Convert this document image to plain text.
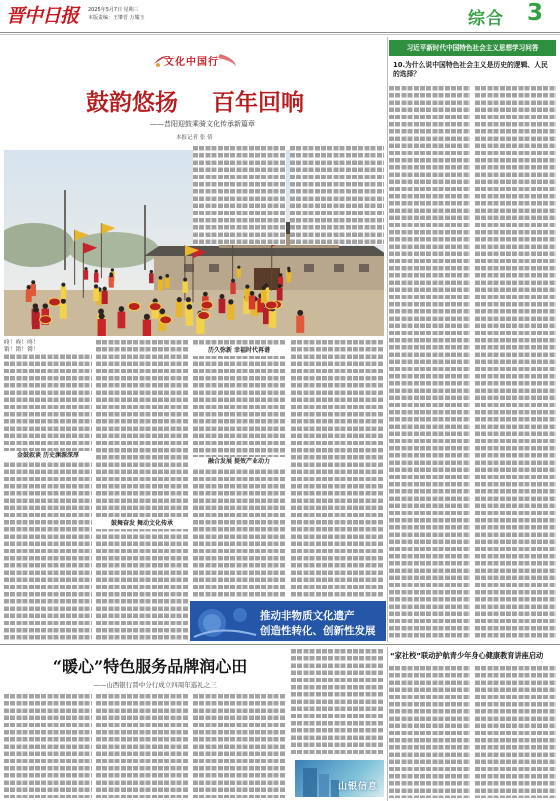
晋中日报 2025年5月7日 星期三
本版责编：王肇晋 万耀玉	综合 3
文化中国行
鼓韵悠扬 百年回响
——昔阳迎鼓乘骑文化传承新篇章
本报记者 张 倩
咚！咚！咚！
锵！锵！锵！
金鼓叙谈 历史渊源深厚
鼓舞奋发 舞动文化传承
历久弥新 幸福时代再谱
融合发展 提效产业动力
推动非物质文化遗产
创造性转化、创新性发展
习近平新时代中国特色社会主义思想学习问答
10.为什么说中国特色社会主义是历史的逻辑、人民的选择？
“暖心”特色服务品牌润心田
——山西银行晋中分行成立四周年巡礼之三
山银信息
“家社校”联动护航青少年身心健康教育讲座启动
